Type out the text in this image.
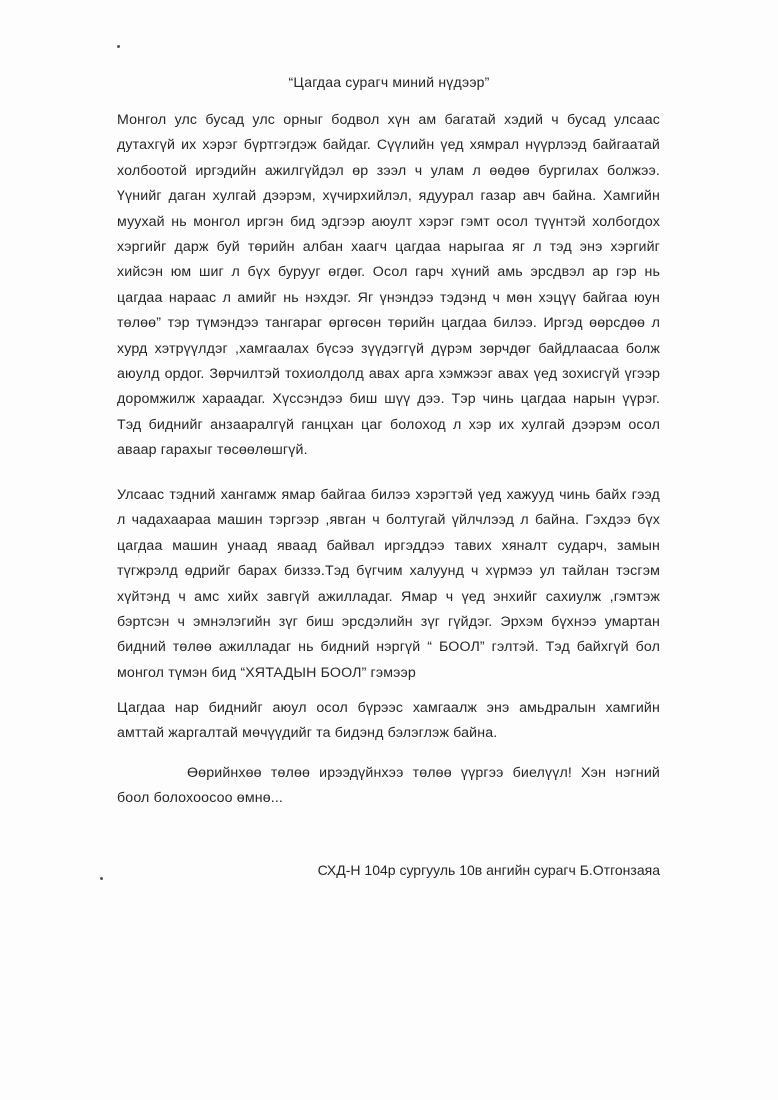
“Цагдаа сурагч миний нүдээр”

Монгол улс бусад улс орныг бодвол хүн ам багатай хэдий ч бусад улсаас дутахгүй их хэрэг бүртгэгдэж байдаг. Сүүлийн үед хямрал нүүрлээд байгаатай холбоотой иргэдийн ажилгүйдэл өр зээл ч улам л өөдөө бургилах болжээ. Үүнийг даган хулгай дээрэм, хүчирхийлэл, ядуурал газар авч байна. Хамгийн муухай нь монгол иргэн бид эдгээр аюулт хэрэг гэмт осол түүнтэй холбогдох хэргийг дарж буй төрийн албан хаагч цагдаа нарыгаа яг л тэд энэ хэргийг хийсэн юм шиг л бүх бурууг өгдөг. Осол гарч хүний амь эрсдвэл ар гэр нь цагдаа нараас л амийг нь нэхдэг. Яг үнэндээ тэдэнд ч мөн хэцүү байгаа юун төлөө” тэр түмэндээ тангараг өргөсөн төрийн цагдаа билээ. Иргэд өөрсдөө л хурд хэтрүүлдэг ,хамгаалах бүсээ зүүдэггүй дүрэм зөрчдөг байдлаасаа болж аюулд ордог. Зөрчилтэй тохиолдолд авах арга хэмжээг авах үед зохисгүй үгээр доромжилж хараадаг. Хүссэндээ биш шүү дээ. Тэр чинь цагдаа нарын үүрэг. Тэд биднийг анзааралгүй ганцхан цаг болоход л хэр их хулгай дээрэм осол аваар гарахыг төсөөлөшгүй.

Улсаас тэдний хангамж ямар байгаа билээ хэрэгтэй үед хажууд чинь байх гээд л чадахаараа машин тэргээр ,явган ч болтугай үйлчлээд л байна. Гэхдээ бүх цагдаа машин унаад яваад байвал иргэддээ тавих хяналт сударч, замын түгжрэлд өдрийг барах биззэ.Тэд бүгчим халуунд ч хүрмээ ул тайлан тэсгэм хүйтэнд ч амс хийх завгүй ажилладаг. Ямар ч үед энхийг сахиулж ,гэмтэж бэртсэн ч эмнэлэгийн зүг биш эрсдэлийн зүг гүйдэг. Эрхэм бүхнээ умартан бидний төлөө ажилладаг нь бидний нэргүй “ БООЛ” гэлтэй. Тэд байхгүй бол монгол түмэн бид “ХЯТАДЫН БООЛ” гэмээр

Цагдаа нар биднийг аюул осол бүрээс хамгаалж энэ амьдралын хамгийн амттай жаргалтай мөчүүдийг та бидэнд бэлэглэж байна.

Өөрийнхөө төлөө ирээдүйнхээ төлөө үүргээ биелүүл! Хэн нэгний боол болохоосоо өмнө...

СХД-Н 104р сургууль 10в ангийн сурагч Б.Отгонзаяа
